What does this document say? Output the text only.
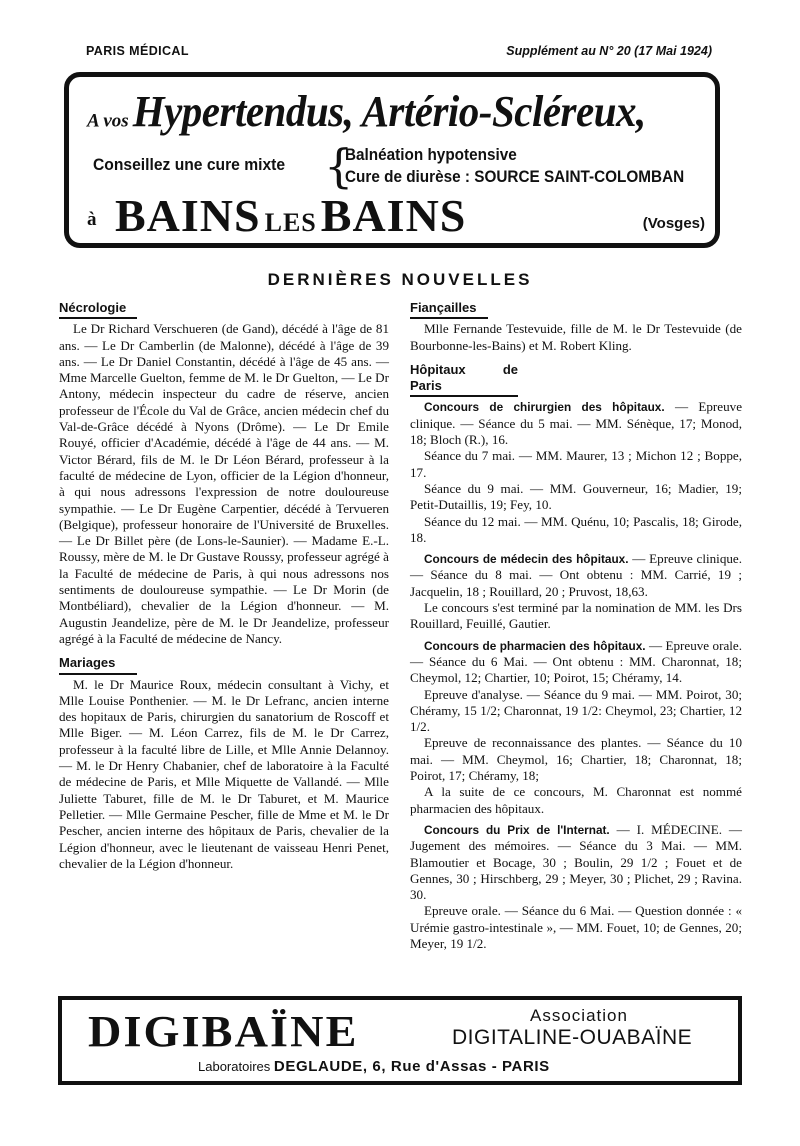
PARIS MÉDICAL	Supplément au N° 20 (17 Mai 1924)
A vos Hypertendus, Artério-Scléreux,
Conseillez une cure mixte {
Balnéation hypotensive
Cure de diurèse : SOURCE SAINT-COLOMBAN
à BAINS LES BAINS	(Vosges)
DERNIÈRES NOUVELLES
Nécrologie

Le Dr Richard Verschueren (de Gand), décédé à l'âge de 81 ans. — Le Dr Camberlin (de Malonne), décédé à l'âge de 39 ans. — Le Dr Daniel Constantin, décédé à l'âge de 45 ans. — Mme Marcelle Guelton, femme de M. le Dr Guelton, — Le Dr Antony, médecin inspecteur du cadre de réserve, ancien professeur de l'École du Val de Grâce, ancien médecin chef du Val-de-Grâce décédé à Nyons (Drôme). — Le Dr Emile Rouyé, officier d'Académie, décédé à l'âge de 44 ans. — M. Victor Bérard, fils de M. le Dr Léon Bérard, professeur à la faculté de médecine de Lyon, officier de la Légion d'honneur, à qui nous adressons l'expression de notre douloureuse sympathie. — Le Dr Eugène Carpentier, décédé à Tervueren (Belgique), professeur honoraire de l'Université de Bruxelles. — Le Dr Billet père (de Lons-le-Saunier). — Madame E.-L. Roussy, mère de M. le Dr Gustave Roussy, professeur agrégé à la Faculté de médecine de Paris, à qui nous adressons nos sentiments de douloureuse sympathie. — Le Dr Morin (de Montbéliard), chevalier de la Légion d'honneur. — M. Augustin Jeandelize, père de M. le Dr Jeandelize, professeur agrégé à la Faculté de médecine de Nancy.

Mariages

M. le Dr Maurice Roux, médecin consultant à Vichy, et Mlle Louise Ponthenier. — M. le Dr Lefranc, ancien interne des hopitaux de Paris, chirurgien du sanatorium de Roscoff et Mlle Biger. — M. Léon Carrez, fils de M. le Dr Carrez, professeur à la faculté libre de Lille, et Mlle Annie Delannoy. — M. le Dr Henry Chabanier, chef de laboratoire à la Faculté de médecine de Paris, et Mlle Miquette de Vallandé. — Mlle Juliette Taburet, fille de M. le Dr Taburet, et M. Maurice Pelletier. — Mlle Germaine Pescher, fille de Mme et M. le Dr Pescher, ancien interne des hôpitaux de Paris, chevalier de la Légion d'honneur, avec le lieutenant de vaisseau Henri Penet, chevalier de la Légion d'honneur.

Fiançailles

Mlle Fernande Testevuide, fille de M. le Dr Testevuide (de Bourbonne-les-Bains) et M. Robert Kling.

Hôpitaux de Paris

Concours de chirurgien des hôpitaux. — Epreuve clinique. — Séance du 5 mai. — MM. Sénèque, 17; Monod, 18; Bloch (R.), 16.

Séance du 7 mai. — MM. Maurer, 13 ; Michon 12 ; Boppe, 17.

Séance du 9 mai. — MM. Gouverneur, 16; Madier, 19; Petit-Dutaillis, 19; Fey, 10.

Séance du 12 mai. — MM. Quénu, 10; Pascalis, 18; Girode, 18.

Concours de médecin des hôpitaux. — Epreuve clinique. — Séance du 8 mai. — Ont obtenu : MM. Carrié, 19 ; Jacquelin, 18 ; Rouillard, 20 ; Pruvost, 18,63.

Le concours s'est terminé par la nomination de MM. les Drs Rouillard, Feuillé, Gautier.

Concours de pharmacien des hôpitaux. — Epreuve orale. — Séance du 6 Mai. — Ont obtenu : MM. Charonnat, 18; Cheymol, 12; Chartier, 10; Poirot, 15; Chéramy, 14.

Epreuve d'analyse. — Séance du 9 mai. — MM. Poirot, 30; Chéramy, 15 1/2; Charonnat, 19 1/2: Cheymol, 23; Chartier, 12 1/2.

Epreuve de reconnaissance des plantes. — Séance du 10 mai. — MM. Cheymol, 16; Chartier, 18; Charonnat, 18; Poirot, 17; Chéramy, 18;

A la suite de ce concours, M. Charonnat est nommé pharmacien des hôpitaux.

Concours du Prix de l'Internat. — I. MÉDECINE. — Jugement des mémoires. — Séance du 3 Mai. — MM. Blamoutier et Bocage, 30 ; Boulin, 29 1/2 ; Fouet et de Gennes, 30 ; Hirschberg, 29 ; Meyer, 30 ; Plichet, 29 ; Ravina. 30.

Epreuve orale. — Séance du 6 Mai. — Question donnée : « Urémie gastro-intestinale », — MM. Fouet, 10; de Gennes, 20; Meyer, 19 1/2.

DIGIBAÏNE	Association
DIGITALINE-OUABAÏNE
Laboratoires DEGLAUDE, 6, Rue d'Assas - PARIS
